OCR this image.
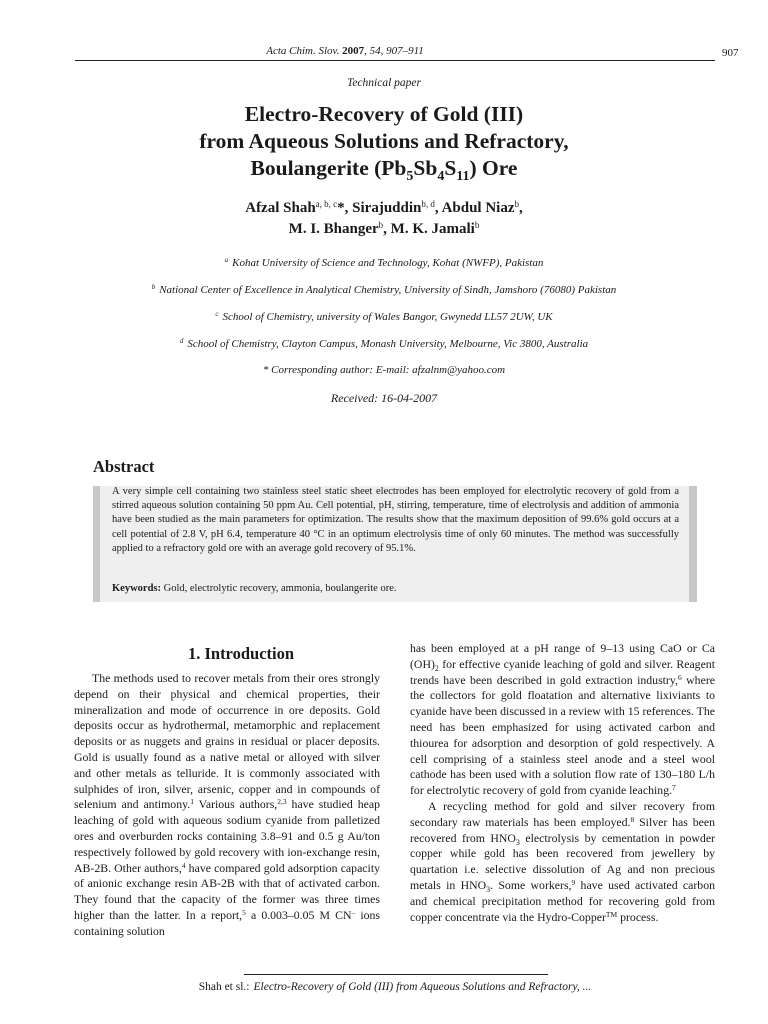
Acta Chim. Slov. 2007, 54, 907–911	907
Technical paper
Electro-Recovery of Gold (III)
from Aqueous Solutions and Refractory,
Boulangerite $(Pb_5Sb_4S_{11})$ Ore
Afzal Shah$^{a, b, c}$*, Sirajuddin$^{b, d}$, Abdul Niaz$^b$,
M. I. Bhanger$^b$, M. K. Jamali$^b$
$^a$ Kohat University of Science and Technology, Kohat (NWFP), Pakistan
$^b$ National Center of Excellence in Analytical Chemistry, University of Sindh, Jamshoro (76080) Pakistan
$^c$ School of Chemistry, university of Wales Bangor, Gwynedd LL57 2UW, UK
$^d$ School of Chemistry, Clayton Campus, Monash University, Melbourne, Vic 3800, Australia
* Corresponding author: E-mail: afzalnm@yahoo.com
Received: 16-04-2007
Abstract
A very simple cell containing two stainless steel static sheet electrodes has been employed for electrolytic recovery of gold from a stirred aqueous solution containing 50 ppm Au. Cell potential, pH, stirring, temperature, time of electrolysis and addition of ammonia have been studied as the main parameters for optimization. The results show that the maximum deposition of 99.6% gold occurs at a cell potential of 2.8 V, pH 6.4, temperature 40 °C in an optimum electrolysis time of only 60 minutes. The method was successfully applied to a refractory gold ore with an average gold recovery of 95.1%.
Keywords: Gold, electrolytic recovery, ammonia, boulangerite ore.
1. Introduction

The methods used to recover metals from their ores strongly depend on their physical and chemical properties, their mineralization and mode of occurrence in ore deposits. Gold deposits occur as hydrothermal, metamorphic and replacement deposits or as nuggets and grains in residual or placer deposits. Gold is usually found as a native metal or alloyed with silver and other metals as telluride. It is commonly associated with sulphides of iron, silver, arsenic, copper and in compounds of selenium and antimony.$^1$ Various authors,$^{2,3}$ have studied heap leaching of gold with aqueous sodium cyanide from palletized ores and overburden rocks containing 3.8–91 and 0.5 g Au/ton respectively followed by gold recovery with ion-exchange resin, AB-2B. Other authors,$^4$ have compared gold adsorption capacity of anionic exchange resin AB-2B with that of activated carbon. They found that the capacity of the former was three times higher than the latter. In a report,$^5$ a 0.003–0.05 M CN– ions containing solution

has been employed at a pH range of 9–13 using CaO or Ca $(OH)_2$ for effective cyanide leaching of gold and silver. Reagent trends have been described in gold extraction industry,$^6$ where the collectors for gold floatation and alternative lixiviants to cyanide have been discussed in a review with 15 references. The need has been emphasized for using activated carbon and thiourea for adsorption and desorption of gold respectively. A cell comprising of a stainless steel anode and a steel wool cathode has been used with a solution flow rate of 130–180 L/h for electrolytic recovery of gold from cyanide leaching.$^7$

A recycling method for gold and silver recovery from secondary raw materials has been employed.$^8$ Silver has been recovered from $HNO_3$ electrolysis by cementation in powder copper while gold has been recovered from jewellery by quartation i.e. selective dissolution of Ag and non precious metals in $HNO_3$. Some workers,$^9$ have used activated carbon and chemical precipitation method for recovering gold from copper concentrate via the Hydro-Copper™ process.

Shah et sl.: Electro-Recovery of Gold (III) from Aqueous Solutions and Refractory, ...
